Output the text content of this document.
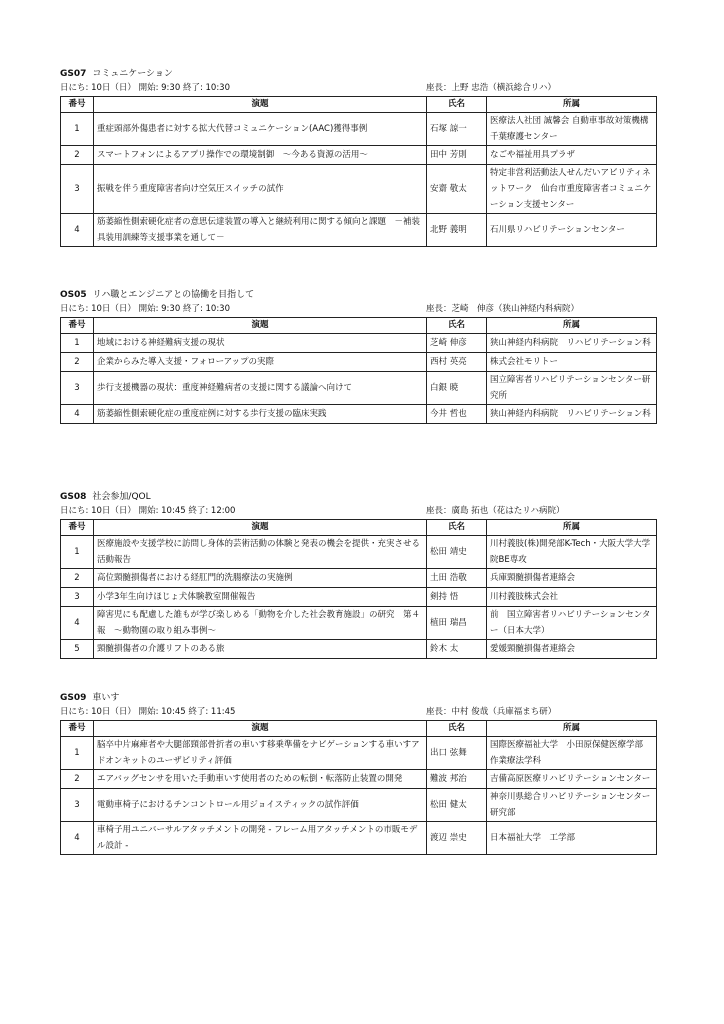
GS07 コミュニケーション
日にち: 10日（日） 開始: 9:30 終了: 10:30	座長：上野 忠浩（横浜総合リハ）
番号	演題	氏名	所属
1	重症頭部外傷患者に対する拡大代替コミュニケーション(AAC)獲得事例	石塚 諒一	医療法人社団 誠馨会 自動車事故対策機構 千葉療護センター
2	スマートフォンによるアプリ操作での環境制御　～今ある資源の活用～	田中 芳則	なごや福祉用具プラザ
3	振戦を伴う重度障害者向け空気圧スイッチの試作	安齋 敬太	特定非営利活動法人せんだいアビリティネットワーク　仙台市重度障害者コミュニケーション支援センター
4	筋萎縮性側索硬化症者の意思伝達装置の導入と継続利用に関する傾向と課題　－補装具装用訓練等支援事業を通して－	北野 義明	石川県リハビリテーションセンター
OS05 リハ職とエンジニアとの協働を目指して
日にち: 10日（日） 開始: 9:30 終了: 10:30	座長：芝崎　伸彦（狭山神経内科病院）
番号	演題	氏名	所属
1	地域における神経難病支援の現状	芝崎 伸彦	狭山神経内科病院　リハビリテーション科
2	企業からみた導入支援・フォローアップの実際	西村 英亮	株式会社モリトー
3	歩行支援機器の現状：重度神経難病者の支援に関する議論へ向けて	白銀 暁	国立障害者リハビリテーションセンター研究所
4	筋萎縮性側索硬化症の重度症例に対する歩行支援の臨床実践	今井 哲也	狭山神経内科病院　リハビリテーション科
GS08 社会参加/QOL
日にち: 10日（日） 開始: 10:45 終了: 12:00	座長：廣島 拓也（花はたリハ病院）
番号	演題	氏名	所属
1	医療施設や支援学校に訪問し身体的芸術活動の体験と発表の機会を提供・充実させる活動報告	松田 靖史	川村義肢(株)開発部K-Tech・大阪大学大学院BE専攻
2	高位頸髄損傷者における経肛門的洗腸療法の実施例	土田 浩敬	兵庫頸髄損傷者連絡会
3	小学3年生向けほじょ犬体験教室開催報告	剣持 悟	川村義肢株式会社
4	障害児にも配慮した誰もが学び楽しめる「動物を介した社会教育施設」の研究　第４報　～動物園の取り組み事例～	植田 瑞昌	前　国立障害者リハビリテーションセンター（日本大学）
5	頸髄損傷者の介護リフトのある旅	鈴木 太	愛媛頸髄損傷者連絡会
GS09 車いす
日にち: 10日（日） 開始: 10:45 終了: 11:45	座長：中村 俊哉（兵庫福まち研）
番号	演題	氏名	所属
1	脳卒中片麻痺者や大腿部頸部骨折者の車いす移乗準備をナビゲーションする車いすアドオンキットのユーザビリティ評価	出口 弦舞	国際医療福祉大学　小田原保健医療学部　作業療法学科
2	エアバッグセンサを用いた手動車いす使用者のための転倒・転落防止装置の開発	難波 邦治	吉備高原医療リハビリテーションセンター
3	電動車椅子におけるチンコントロール用ジョイスティックの試作評価	松田 健太	神奈川県総合リハビリテーションセンター　研究部
4	車椅子用ユニバーサルアタッチメントの開発 - フレーム用アタッチメントの市販モデル設計 -	渡辺 崇史	日本福祉大学　工学部
